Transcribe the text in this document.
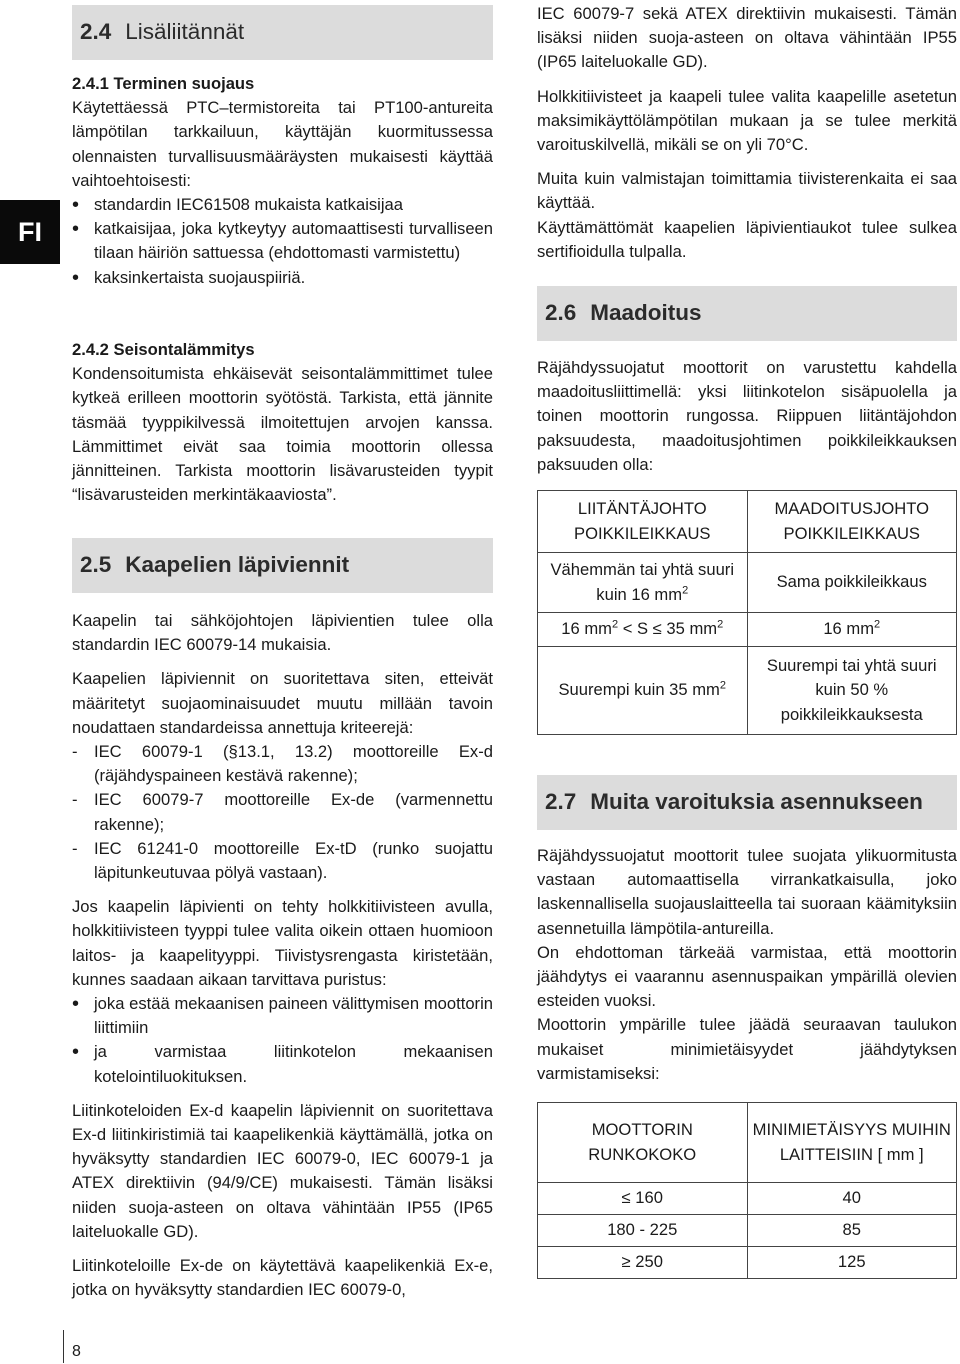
FI
2.4 Lisäliitännät
2.4.1 Terminen suojaus

Käytettäessä PTC–termistoreita tai PT100-antureita lämpötilan tarkkailuun, käyttäjän kuormitussessa olennaisten turvallisuusmääräysten mukaisesti käyttää vaihtoehtoisesti:

• standardin IEC61508 mukaista katkaisijaa
• katkaisijaa, joka kytkeytyy automaattisesti turvalliseen tilaan häiriön sattuessa (ehdottomasti varmistettu)
• kaksinkertaista suojauspiiriä.
2.4.2 Seisontalämmitys

Kondensoitumista ehkäisevät seisontalämmittimet tulee kytkeä erilleen moottorin syötöstä. Tarkista, että jännite täsmää tyyppikilvessä ilmoitettujen arvojen kanssa. Lämmittimet eivät saa toimia moottorin ollessa jännitteinen. Tarkista moottorin lisävarusteiden tyypit “lisävarusteiden merkintäkaaviosta”.

2.5 Kaapelien läpiviennit

Kaapelin tai sähköjohtojen läpivientien tulee olla standardin IEC 60079-14 mukaisia.

Kaapelien läpiviennit on suoritettava siten, etteivät määritetyt suojaominaisuudet muutu millään tavoin noudattaen standardeissa annettuja kriteerejä:

- IEC 60079-1 (§13.1, 13.2) moottoreille Ex-d (räjähdyspaineen kestävä rakenne);
- IEC 60079-7 moottoreille Ex-de (varmennettu rakenne);
- IEC 61241-0 moottoreille Ex-tD (runko suojattu läpitunkeutuvaa pölyä vastaan).

Jos kaapelin läpivienti on tehty holkkitiivisteen avulla, holkkitiivisteen tyyppi tulee valita oikein ottaen huomioon laitos- ja kaapelityyppi. Tiivistysrengasta kiristetään, kunnes saadaan aikaan tarvittava puristus:

• joka estää mekaanisen paineen välittymisen moottorin liittimiin
• ja varmistaa liitinkotelon mekaanisen kotelointiluokituksen.

Liitinkoteloiden Ex-d kaapelin läpiviennit on suoritettava Ex-d liitinkiristimiä tai kaapelikenkiä käyttämällä, jotka on hyväksytty standardien IEC 60079-0, IEC 60079-1 ja ATEX direktiivin (94/9/CE) mukaisesti. Tämän lisäksi niiden suoja-asteen on oltava vähintään IP55 (IP65 laiteluokalle GD).

Liitinkoteloille Ex-de on käytettävä kaapelikenkiä Ex-e, jotka on hyväksytty standardien IEC 60079-0,

IEC 60079-7 sekä ATEX direktiivin mukaisesti. Tämän lisäksi niiden suoja-asteen on oltava vähintään IP55 (IP65 laiteluokalle GD).

Holkkitiivisteet ja kaapeli tulee valita kaapelille asetetun maksimikäyttölämpötilan mukaan ja se tulee merkitä varoituskilvellä, mikäli se on yli 70°C.

Muita kuin valmistajan toimittamia tiivisterenkaita ei saa käyttää.

Käyttämättömät kaapelien läpivientiaukot tulee sulkea sertifioidulla tulpalla.

2.6 Maadoitus

Räjähdyssuojatut moottorit on varustettu kahdella maadoitusliittimellä: yksi liitinkotelon sisäpuolella ja toinen moottorin rungossa. Riippuen liitäntäjohdon paksuudesta, maadoitusjohtimen poikkileikkauksen paksuuden olla:

LIITÄNTÄJOHTO POIKKILEIKKAUS	MAADOITUSJOHTO POIKKILEIKKAUS
Vähemmän tai yhtä suuri kuin 16 $mm^2$	Sama poikkileikkaus
16 $mm^2 < S \le 35$ $mm^2$	16 $mm^2$
Suurempi kuin 35 $mm^2$	Suurempi tai yhtä suuri kuin 50 % poikkileikkauksesta
2.7 Muita varoituksia asennukseen

Räjähdyssuojatut moottorit tulee suojata ylikuormitusta vastaan automaattisella virrankatkaisulla, joko laskennallisella suojauslaitteella tai suoraan käämityksiin asennetuilla lämpötila-antureilla.

On ehdottoman tärkeää varmistaa, että moottorin jäähdytys ei vaarannu asennuspaikan ympärillä olevien esteiden vuoksi.

Moottorin ympärille tulee jäädä seuraavan taulukon mukaiset minimietäisyydet jäähdytyksen varmistamiseksi:

MOOTTORIN RUNKOKOKO	MINIMIETÄISYYS MUIHIN LAITTEISIIN [ mm ]
≤ 160	40
180 - 225	85
≥ 250	125
8
